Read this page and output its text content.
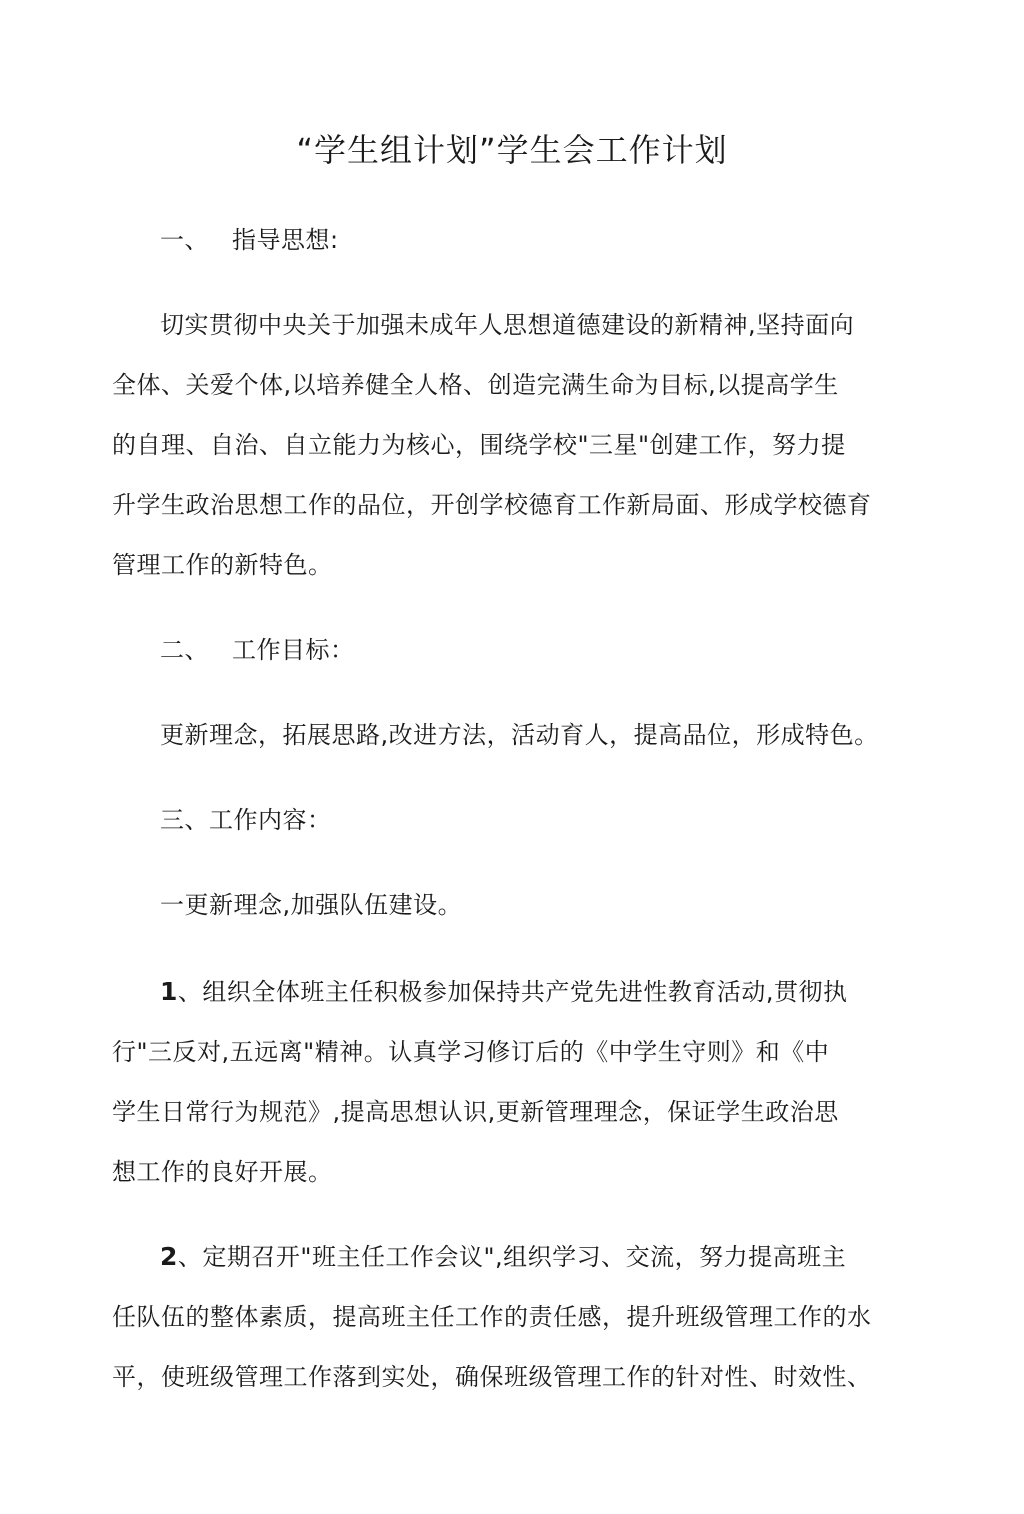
“学生组计划”学生会工作计划
一、 指导思想:
切实贯彻中央关于加强未成年人思想道德建设的新精神,坚持面向
全体、关爱个体,以培养健全人格、创造完满生命为目标,以提高学生
的自理、自治、自立能力为核心，围绕学校"三星"创建工作，努力提
升学生政治思想工作的品位，开创学校德育工作新局面、形成学校德育
管理工作的新特色。
二、 工作目标：
更新理念，拓展思路,改进方法，活动育人，提高品位，形成特色。
三、工作内容：
一更新理念,加强队伍建设。
1、组织全体班主任积极参加保持共产党先进性教育活动,贯彻执
行"三反对,五远离"精神。认真学习修订后的《中学生守则》和《中
学生日常行为规范》,提高思想认识,更新管理理念，保证学生政治思
想工作的良好开展。
2、定期召开"班主任工作会议",组织学习、交流，努力提高班主
任队伍的整体素质，提高班主任工作的责任感，提升班级管理工作的水
平，使班级管理工作落到实处，确保班级管理工作的针对性、时效性、
